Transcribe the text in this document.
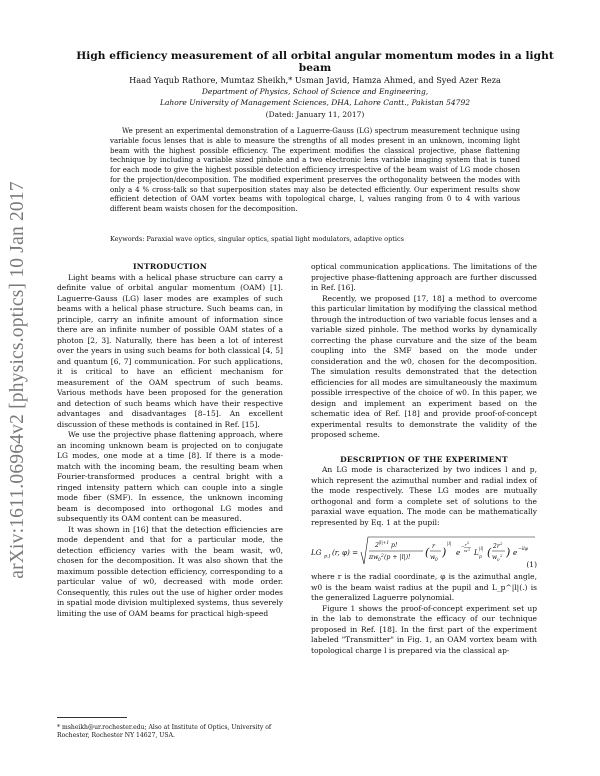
arXiv:1611.06964v2 [physics.optics] 10 Jan 2017
High efficiency measurement of all orbital angular momentum modes in a light beam
Haad Yaqub Rathore, Mumtaz Sheikh,* Usman Javid, Hamza Ahmed, and Syed Azer Reza
Department of Physics, School of Science and Engineering,
Lahore University of Management Sciences, DHA, Lahore Cantt., Pakistan 54792
(Dated: January 11, 2017)
We present an experimental demonstration of a Laguerre-Gauss (LG) spectrum measurement technique using variable focus lenses that is able to measure the strengths of all modes present in an unknown, incoming light beam with the highest possible efficiency. The experiment modifies the classical projective, phase flattening technique by including a variable sized pinhole and a two electronic lens variable imaging system that is tuned for each mode to give the highest possible detection efficiency irrespective of the beam waist of LG mode chosen for the projection/decomposition. The modified experiment preserves the orthogonality between the modes with only a 4 % cross-talk so that superposition states may also be detected efficiently. Our experiment results show efficient detection of OAM vortex beams with topological charge, l, values ranging from 0 to 4 with various different beam waists chosen for the decomposition.
Keywords: Paraxial wave optics, singular optics, spatial light modulators, adaptive optics

INTRODUCTION

Light beams with a helical phase structure can carry a definite value of orbital angular momentum (OAM) [1]. Laguerre-Gauss (LG) laser modes are examples of such beams with a helical phase structure. Such beams can, in principle, carry an infinite amount of information since there are an infinite number of possible OAM states of a photon [2, 3]. Naturally, there has been a lot of interest over the years in using such beams for both classical [4, 5] and quantum [6, 7] communication. For such applications, it is critical to have an efficient mechanism for measurement of the OAM spectrum of such beams. Various methods have been proposed for the generation and detection of such beams which have their respective advantages and disadvantages [8–15]. An excellent discussion of these methods is contained in Ref. [15].

We use the projective phase flattening approach, where an incoming unknown beam is projected on to conjugate LG modes, one mode at a time [8]. If there is a mode-match with the incoming beam, the resulting beam when Fourier-transformed produces a central bright with a ringed intensity pattern which can couple into a single mode fiber (SMF). In essence, the unknown incoming beam is decomposed into orthogonal LG modes and subsequently its OAM content can be measured.

It was shown in [16] that the detection efficiencies are mode dependent and that for a particular mode, the detection efficiency varies with the beam wasit, w0, chosen for the decomposition. It was also shown that the maximum possible detection efficiency, corresponding to a particular value of w0, decreased with mode order. Consequently, this rules out the use of higher order modes in spatial mode division multiplexed systems, thus severely limiting the use of OAM beams for practical high-speed

* msheikh@ur.rochester.edu; Also at Institute of Optics, University of Rochester, Rochester NY 14627, USA.

optical communication applications. The limitations of the projective phase-flattening approach are further discussed in Ref. [16].

Recently, we proposed [17, 18] a method to overcome this particular limitation by modifying the classical method through the introduction of two variable focus lenses and a variable sized pinhole. The method works by dynamically correcting the phase curvature and the size of the beam coupling into the SMF based on the mode under consideration and the w0, chosen for the decomposition. The simulation results demonstrated that the detection efficiencies for all modes are simultaneously the maximum possible irrespective of the choice of w0. In this paper, we design and implement an experiment based on the schematic idea of Ref. [18] and provide proof-of-concept experimental results to demonstrate the validity of the proposed scheme.

DESCRIPTION OF THE EXPERIMENT

An LG mode is characterized by two indices l and p, which represent the azimuthal number and radial index of the mode respectively. These LG modes are mutually orthogonal and form a complete set of solutions to the paraxial wave equation. The mode can be mathematically represented by Eq. 1 at the pupil:

LG p,l (r, φ) =
2 |l|+1 p!
πw 0
2 (p + |l|)! ( r
w 0
)
|l|
e
−
r 2
w 2 L |l|
p ( 2r 2
w 0
2 ) e −ilφ
(1)

where r is the radial coordinate, φ is the azimuthal angle, w0 is the beam waist radius at the pupil and L_p^|l|(.) is the generalized Laguerre polynomial.

Figure 1 shows the proof-of-concept experiment set up in the lab to demonstrate the efficacy of our technique proposed in Ref. [18]. In the first part of the experiment labeled "Transmitter" in Fig. 1, an OAM vortex beam with topological charge l is prepared via the classical ap-
